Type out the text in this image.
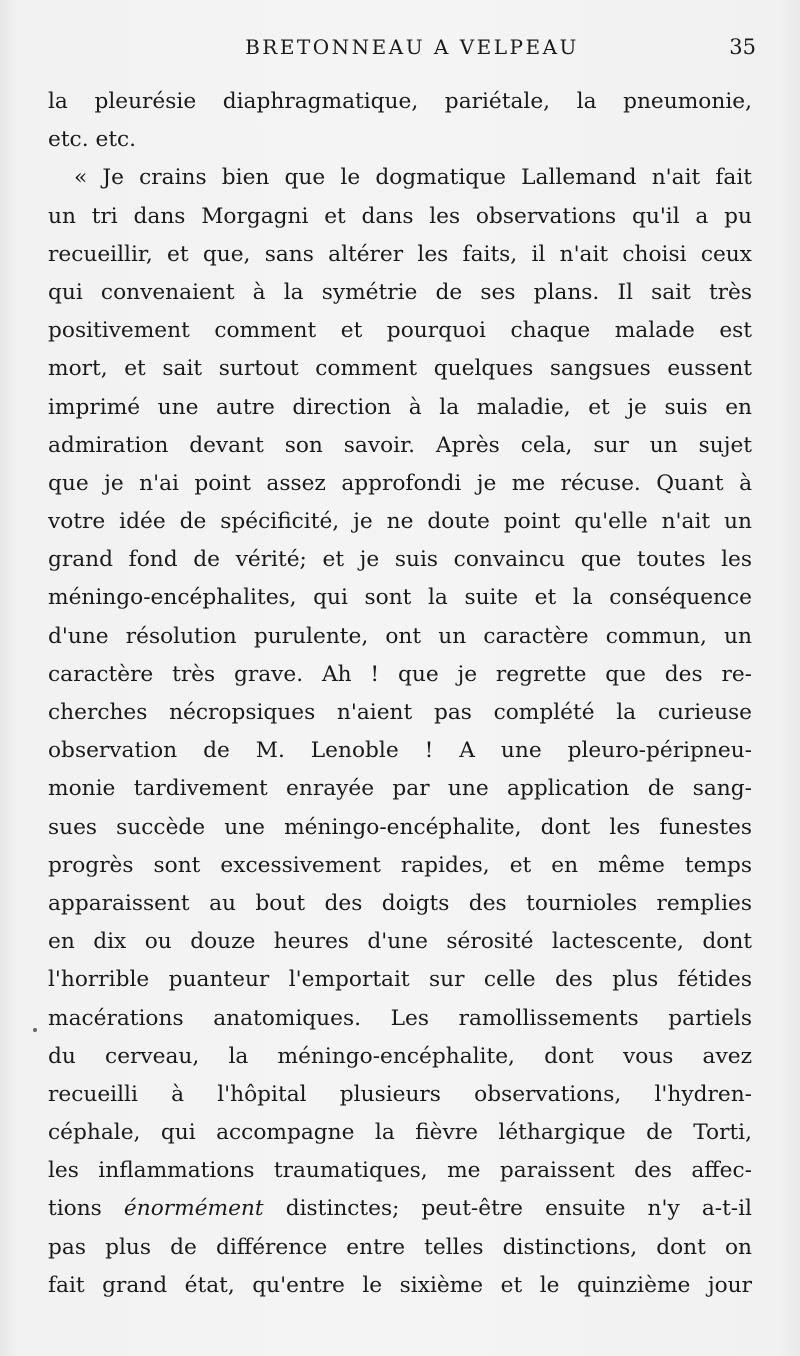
BRETONNEAU A VELPEAU	35
la pleurésie diaphragmatique, pariétale, la pneumonie,
etc. etc.
« Je crains bien que le dogmatique Lallemand n'ait fait
un tri dans Morgagni et dans les observations qu'il a pu
recueillir, et que, sans altérer les faits, il n'ait choisi ceux
qui convenaient à la symétrie de ses plans. Il sait très
positivement comment et pourquoi chaque malade est
mort, et sait surtout comment quelques sangsues eussent
imprimé une autre direction à la maladie, et je suis en
admiration devant son savoir. Après cela, sur un sujet
que je n'ai point assez approfondi je me récuse. Quant à
votre idée de spécificité, je ne doute point qu'elle n'ait un
grand fond de vérité; et je suis convaincu que toutes les
méningo-encéphalites, qui sont la suite et la conséquence
d'une résolution purulente, ont un caractère commun, un
caractère très grave. Ah ! que je regrette que des re-
cherches nécropsiques n'aient pas complété la curieuse
observation de M. Lenoble ! A une pleuro-péripneu-
monie tardivement enrayée par une application de sang-
sues succède une méningo-encéphalite, dont les funestes
progrès sont excessivement rapides, et en même temps
apparaissent au bout des doigts des tournioles remplies
en dix ou douze heures d'une sérosité lactescente, dont
l'horrible puanteur l'emportait sur celle des plus fétides
macérations anatomiques. Les ramollissements partiels
du cerveau, la méningo-encéphalite, dont vous avez
recueilli à l'hôpital plusieurs observations, l'hydren-
céphale, qui accompagne la fièvre léthargique de Torti,
les inflammations traumatiques, me paraissent des affec-
tions énormément distinctes; peut-être ensuite n'y a-t-il
pas plus de différence entre telles distinctions, dont on
fait grand état, qu'entre le sixième et le quinzième jour
